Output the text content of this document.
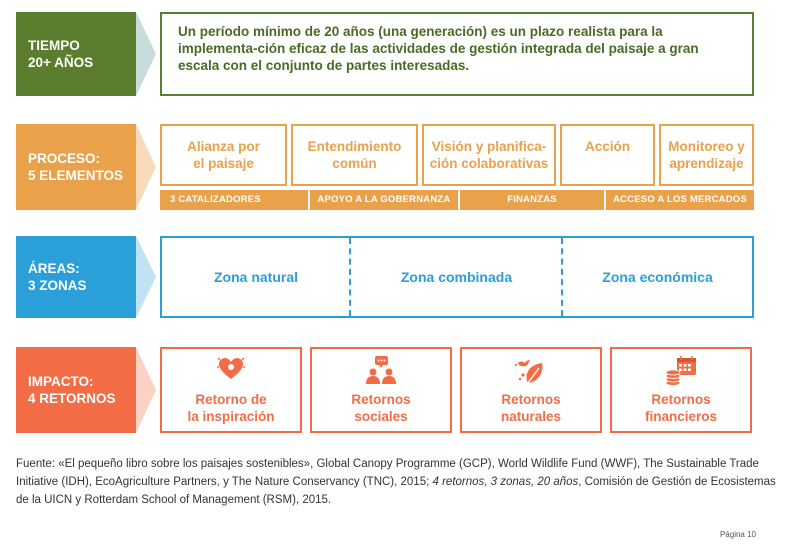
TIEMPO
20+ AÑOS
Un período mínimo de 20 años (una generación) es un plazo realista para la implementa-ción eficaz de las actividades de gestión integrada del paisaje a gran escala con el conjunto de partes interesadas.
PROCESO:
5 ELEMENTOS
Alianza por
el paisaje
Entendimiento
común
Visión y planifica-
ción colaborativas
Acción	Monitoreo y
aprendizaje
3 CATALIZADORES	APOYO A LA GOBERNANZA	FINANZAS	ACCESO A LOS MERCADOS
ÁREAS:
3 ZONAS
Zona natural	Zona combinada	Zona económica
IMPACTO:
4 RETORNOS	Retorno de
la inspiración
Retornos
sociales
Retornos
naturales
Retornos
financieros
Fuente: «El pequeño libro sobre los paisajes sostenibles», Global Canopy Programme (GCP), World Wildlife Fund (WWF), The Sustainable Trade Initiative (IDH), EcoAgriculture Partners, y The Nature Conservancy (TNC), 2015; 4 retornos, 3 zonas, 20 años, Comisión de Gestión de Ecosistemas de la UICN y Rotterdam School of Management (RSM), 2015.
Página 10
